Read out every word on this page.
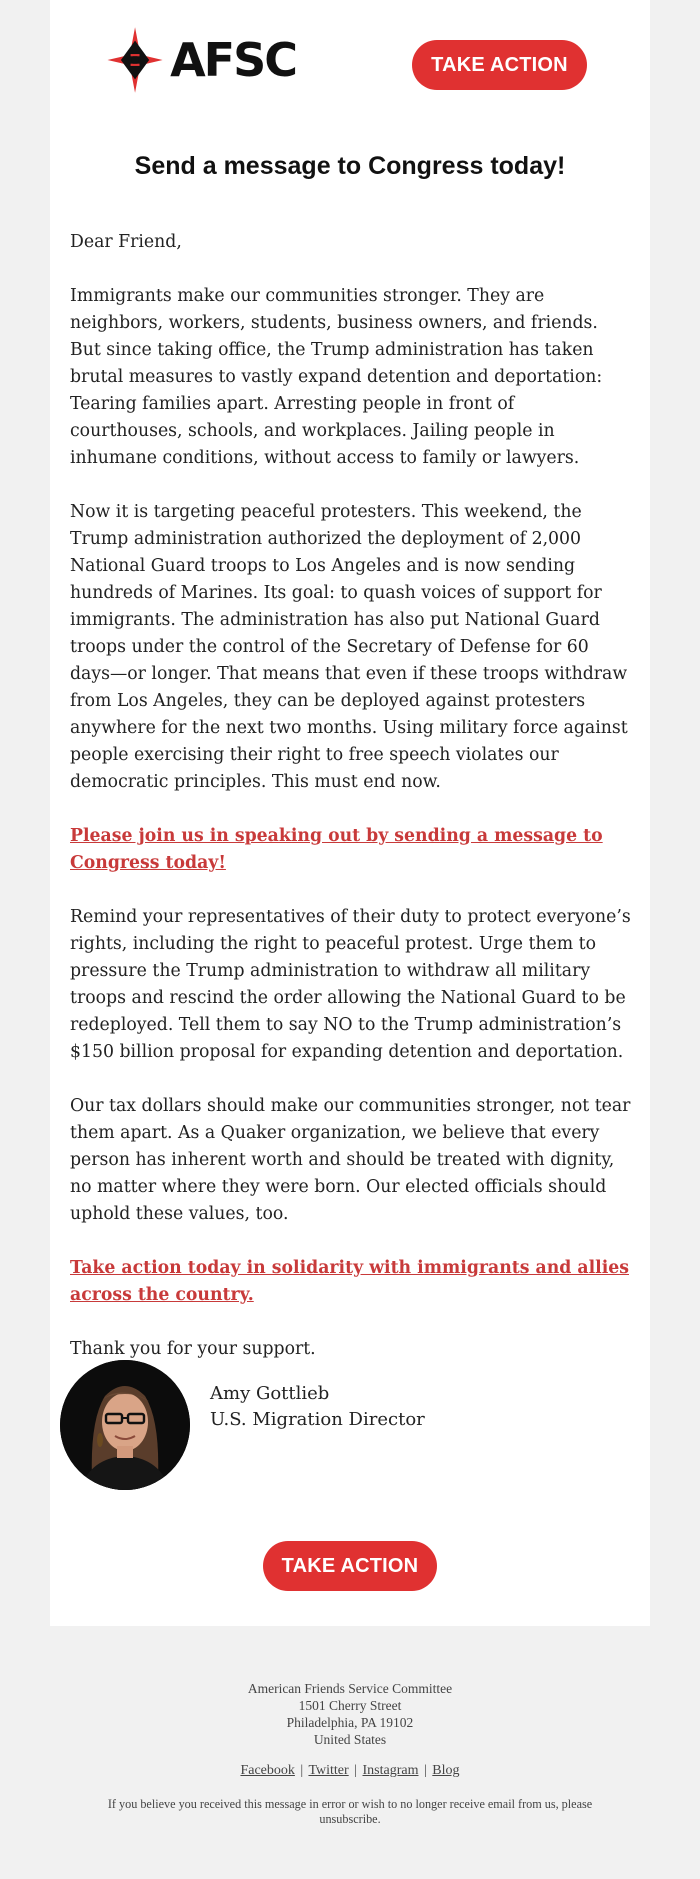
AFSC	TAKE ACTION
Send a message to Congress today!

Dear Friend,

Immigrants make our communities stronger. They are neighbors, workers, students, business owners, and friends. But since taking office, the Trump administration has taken brutal measures to vastly expand detention and deportation: Tearing families apart. Arresting people in front of courthouses, schools, and workplaces. Jailing people in inhumane conditions, without access to family or lawyers.

Now it is targeting peaceful protesters. This weekend, the Trump administration authorized the deployment of 2,000 National Guard troops to Los Angeles and is now sending hundreds of Marines. Its goal: to quash voices of support for immigrants. The administration has also put National Guard troops under the control of the Secretary of Defense for 60 days—or longer. That means that even if these troops withdraw from Los Angeles, they can be deployed against protesters anywhere for the next two months. Using military force against people exercising their right to free speech violates our democratic principles. This must end now.

Please join us in speaking out by sending a message to Congress today!

Remind your representatives of their duty to protect everyone’s rights, including the right to peaceful protest. Urge them to pressure the Trump administration to withdraw all military troops and rescind the order allowing the National Guard to be redeployed. Tell them to say NO to the Trump administration’s $150 billion proposal for expanding detention and deportation.

Our tax dollars should make our communities stronger, not tear them apart. As a Quaker organization, we believe that every person has inherent worth and should be treated with dignity, no matter where they were born. Our elected officials should uphold these values, too.

Take action today in solidarity with immigrants and allies across the country.

Thank you for your support.

Amy Gottlieb
U.S. Migration Director
TAKE ACTION
American Friends Service Committee
1501 Cherry Street
Philadelphia, PA 19102
United States
Facebook | Twitter | Instagram | Blog
If you believe you received this message in error or wish to no longer receive email from us, please unsubscribe.
